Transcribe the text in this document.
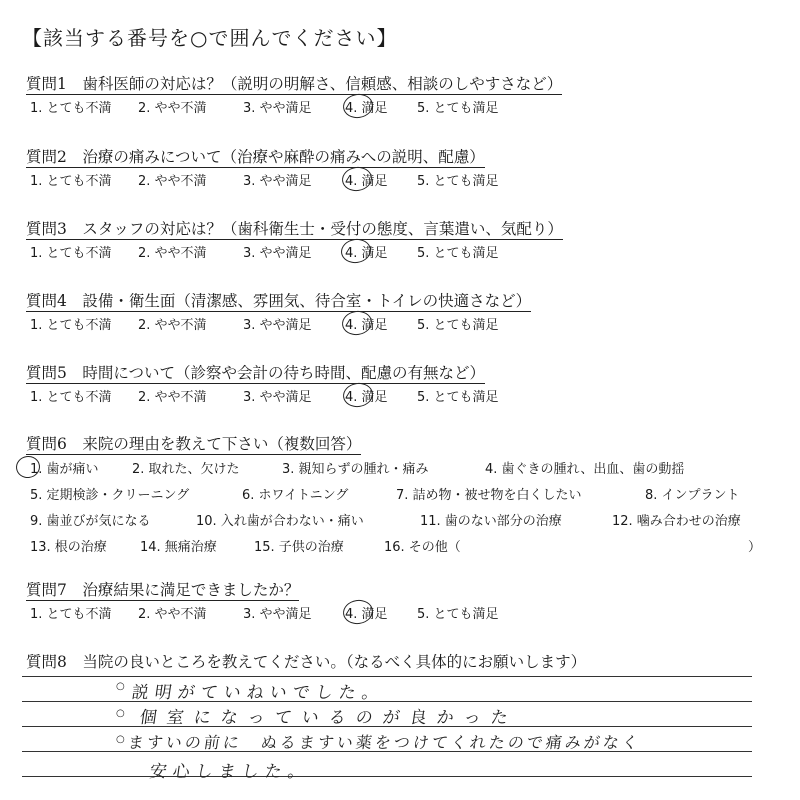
【該当する番号を○で囲んでください】
質問1　歯科医師の対応は？（説明の明解さ、信頼感、相談のしやすさなど）
1. とても不満 2. やや不満	3. やや満足	4. 満足 5. とても満足
質問2　治療の痛みについて（治療や麻酔の痛みへの説明、配慮）
1. とても不満 2. やや不満	3. やや満足	4. 満足 5. とても満足
質問3　スタッフの対応は？（歯科衛生士・受付の態度、言葉遣い、気配り）
1. とても不満 2. やや不満	3. やや満足	4. 満足 5. とても満足
質問4　設備・衛生面（清潔感、雰囲気、待合室・トイレの快適さなど）
1. とても不満 2. やや不満	3. やや満足	4. 満足 5. とても満足
質問5　時間について（診察や会計の待ち時間、配慮の有無など）
1. とても不満 2. やや不満	3. やや満足	4. 満足 5. とても満足
質問6　来院の理由を教えて下さい（複数回答）
1. 歯が痛い	2. 取れた、欠けた	3. 親知らずの腫れ・痛み	4. 歯ぐきの腫れ、出血、歯の動揺
5. 定期検診・クリーニング	6. ホワイトニング	7. 詰め物・被せ物を白くしたい	8. インプラント
9. 歯並びが気になる	10. 入れ歯が合わない・痛い	11. 歯のない部分の治療	12. 噛み合わせの治療
13. 根の治療	14. 無痛治療	15. 子供の治療	16. その他（	）
質問7　治療結果に満足できましたか？
1. とても不満 2. やや不満	3. やや満足	4. 満足 5. とても満足
質問8　当院の良いところを教えてください。（なるべく具体的にお願いします）
○ 説明がていねいでした。
○ 個室になっているのが良かった
○ ますいの前に　ぬるますい薬をつけてくれたので痛みがなく
安心しました。
